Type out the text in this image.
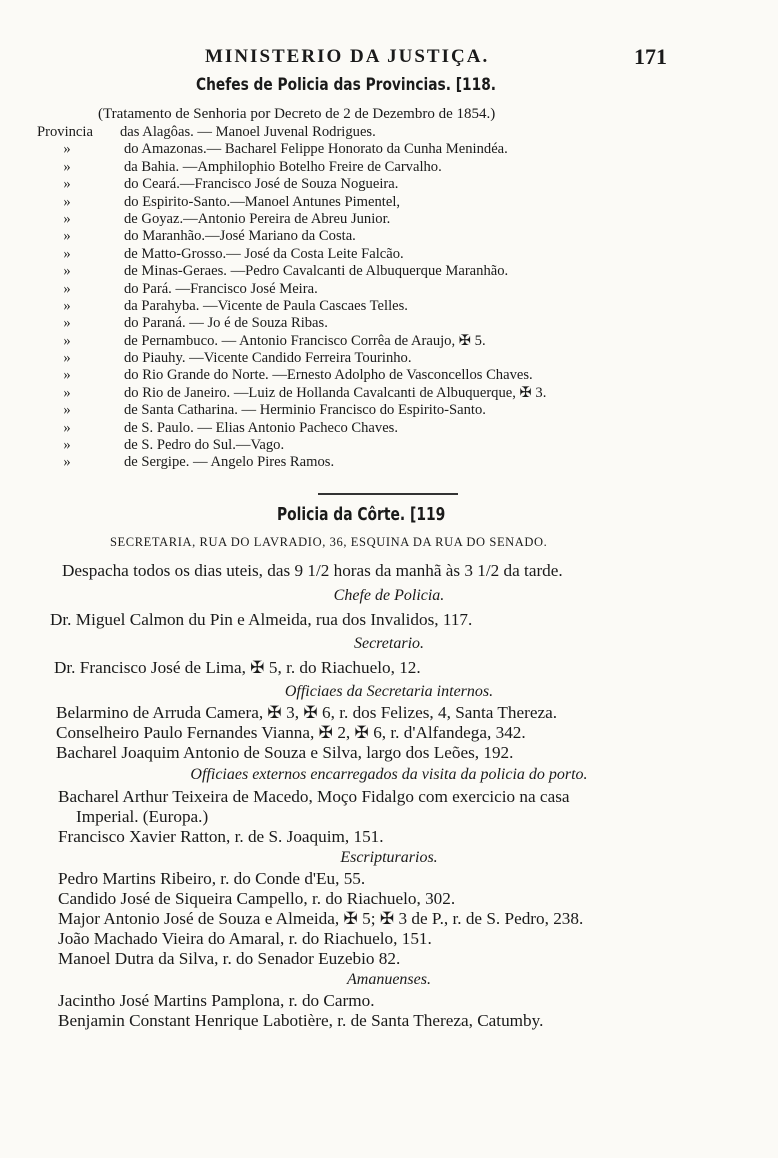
MINISTERIO DA JUSTIÇA.	171
Chefes de Policia das Provincias. [118.
(Tratamento de Senhoria por Decreto de 2 de Dezembro de 1854.)
Provincia das Alagôas. — Manoel Juvenal Rodrigues.
»	do Amazonas.— Bacharel Felippe Honorato da Cunha Menindéa.
»	da Bahia. —Amphilophio Botelho Freire de Carvalho.
»	do Ceará.—Francisco José de Souza Nogueira.
»	do Espirito-Santo.—Manoel Antunes Pimentel,
»	de Goyaz.—Antonio Pereira de Abreu Junior.
»	do Maranhão.—José Mariano da Costa.
»	de Matto-Grosso.— José da Costa Leite Falcão.
»	de Minas-Geraes. —Pedro Cavalcanti de Albuquerque Maranhão.
»	do Pará. —Francisco José Meira.
»	da Parahyba. —Vicente de Paula Cascaes Telles.
»	do Paraná. — Jo é de Souza Ribas.
»	de Pernambuco. — Antonio Francisco Corrêa de Araujo, ✠ 5.
»	do Piauhy. —Vicente Candido Ferreira Tourinho.
»	do Rio Grande do Norte. —Ernesto Adolpho de Vasconcellos Chaves.
»	do Rio de Janeiro. —Luiz de Hollanda Cavalcanti de Albuquerque, ✠ 3.
»	de Santa Catharina. — Herminio Francisco do Espirito-Santo.
»	de S. Paulo. — Elias Antonio Pacheco Chaves.
»	de S. Pedro do Sul.—Vago.
»	de Sergipe. — Angelo Pires Ramos.
Policia da Côrte. [119
SECRETARIA, RUA DO LAVRADIO, 36, ESQUINA DA RUA DO SENADO.
Despacha todos os dias uteis, das 9 1/2 horas da manhã às 3 1/2 da tarde.
Chefe de Policia.
Dr. Miguel Calmon du Pin e Almeida, rua dos Invalidos, 117.
Secretario.
Dr. Francisco José de Lima, ✠ 5, r. do Riachuelo, 12.
Officiaes da Secretaria internos.
Belarmino de Arruda Camera, ✠ 3, ✠ 6, r. dos Felizes, 4, Santa Thereza.
Conselheiro Paulo Fernandes Vianna, ✠ 2, ✠ 6, r. d'Alfandega, 342.
Bacharel Joaquim Antonio de Souza e Silva, largo dos Leões, 192.
Officiaes externos encarregados da visita da policia do porto.
Bacharel Arthur Teixeira de Macedo, Moço Fidalgo com exercicio na casa
Imperial. (Europa.)
Francisco Xavier Ratton, r. de S. Joaquim, 151.
Escripturarios.
Pedro Martins Ribeiro, r. do Conde d'Eu, 55.
Candido José de Siqueira Campello, r. do Riachuelo, 302.
Major Antonio José de Souza e Almeida, ✠ 5; ✠ 3 de P., r. de S. Pedro, 238.
João Machado Vieira do Amaral, r. do Riachuelo, 151.
Manoel Dutra da Silva, r. do Senador Euzebio 82.
Amanuenses.
Jacintho José Martins Pamplona, r. do Carmo.
Benjamin Constant Henrique Labotière, r. de Santa Thereza, Catumby.
